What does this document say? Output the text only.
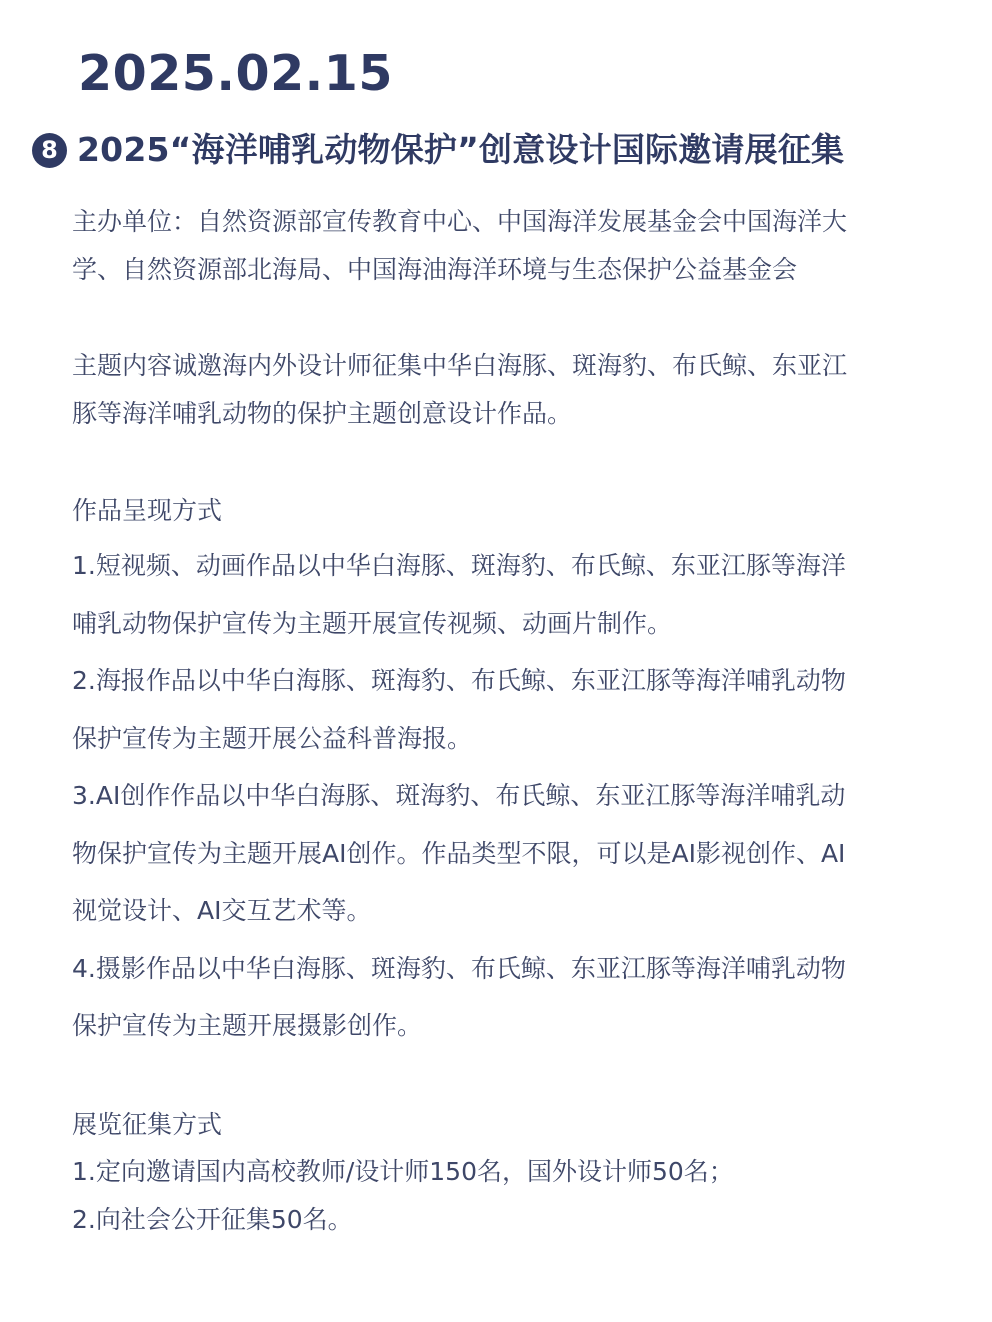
2025.02.15
8 2025“海洋哺乳动物保护”创意设计国际邀请展征集

主办单位：自然资源部宣传教育中心、中国海洋发展基金会中国海洋大

学、自然资源部北海局、中国海油海洋环境与生态保护公益基金会

主题内容诚邀海内外设计师征集中华白海豚、斑海豹、布氏鲸、东亚江

豚等海洋哺乳动物的保护主题创意设计作品。

作品呈现方式

1.短视频、动画作品以中华白海豚、斑海豹、布氏鲸、东亚江豚等海洋

哺乳动物保护宣传为主题开展宣传视频、动画片制作。

2.海报作品以中华白海豚、斑海豹、布氏鲸、东亚江豚等海洋哺乳动物

保护宣传为主题开展公益科普海报。

3.AI创作作品以中华白海豚、斑海豹、布氏鲸、东亚江豚等海洋哺乳动

物保护宣传为主题开展AI创作。作品类型不限，可以是AI影视创作、AI

视觉设计、AI交互艺术等。

4.摄影作品以中华白海豚、斑海豹、布氏鲸、东亚江豚等海洋哺乳动物

保护宣传为主题开展摄影创作。

展览征集方式

1.定向邀请国内高校教师/设计师150名，国外设计师50名；

2.向社会公开征集50名。
